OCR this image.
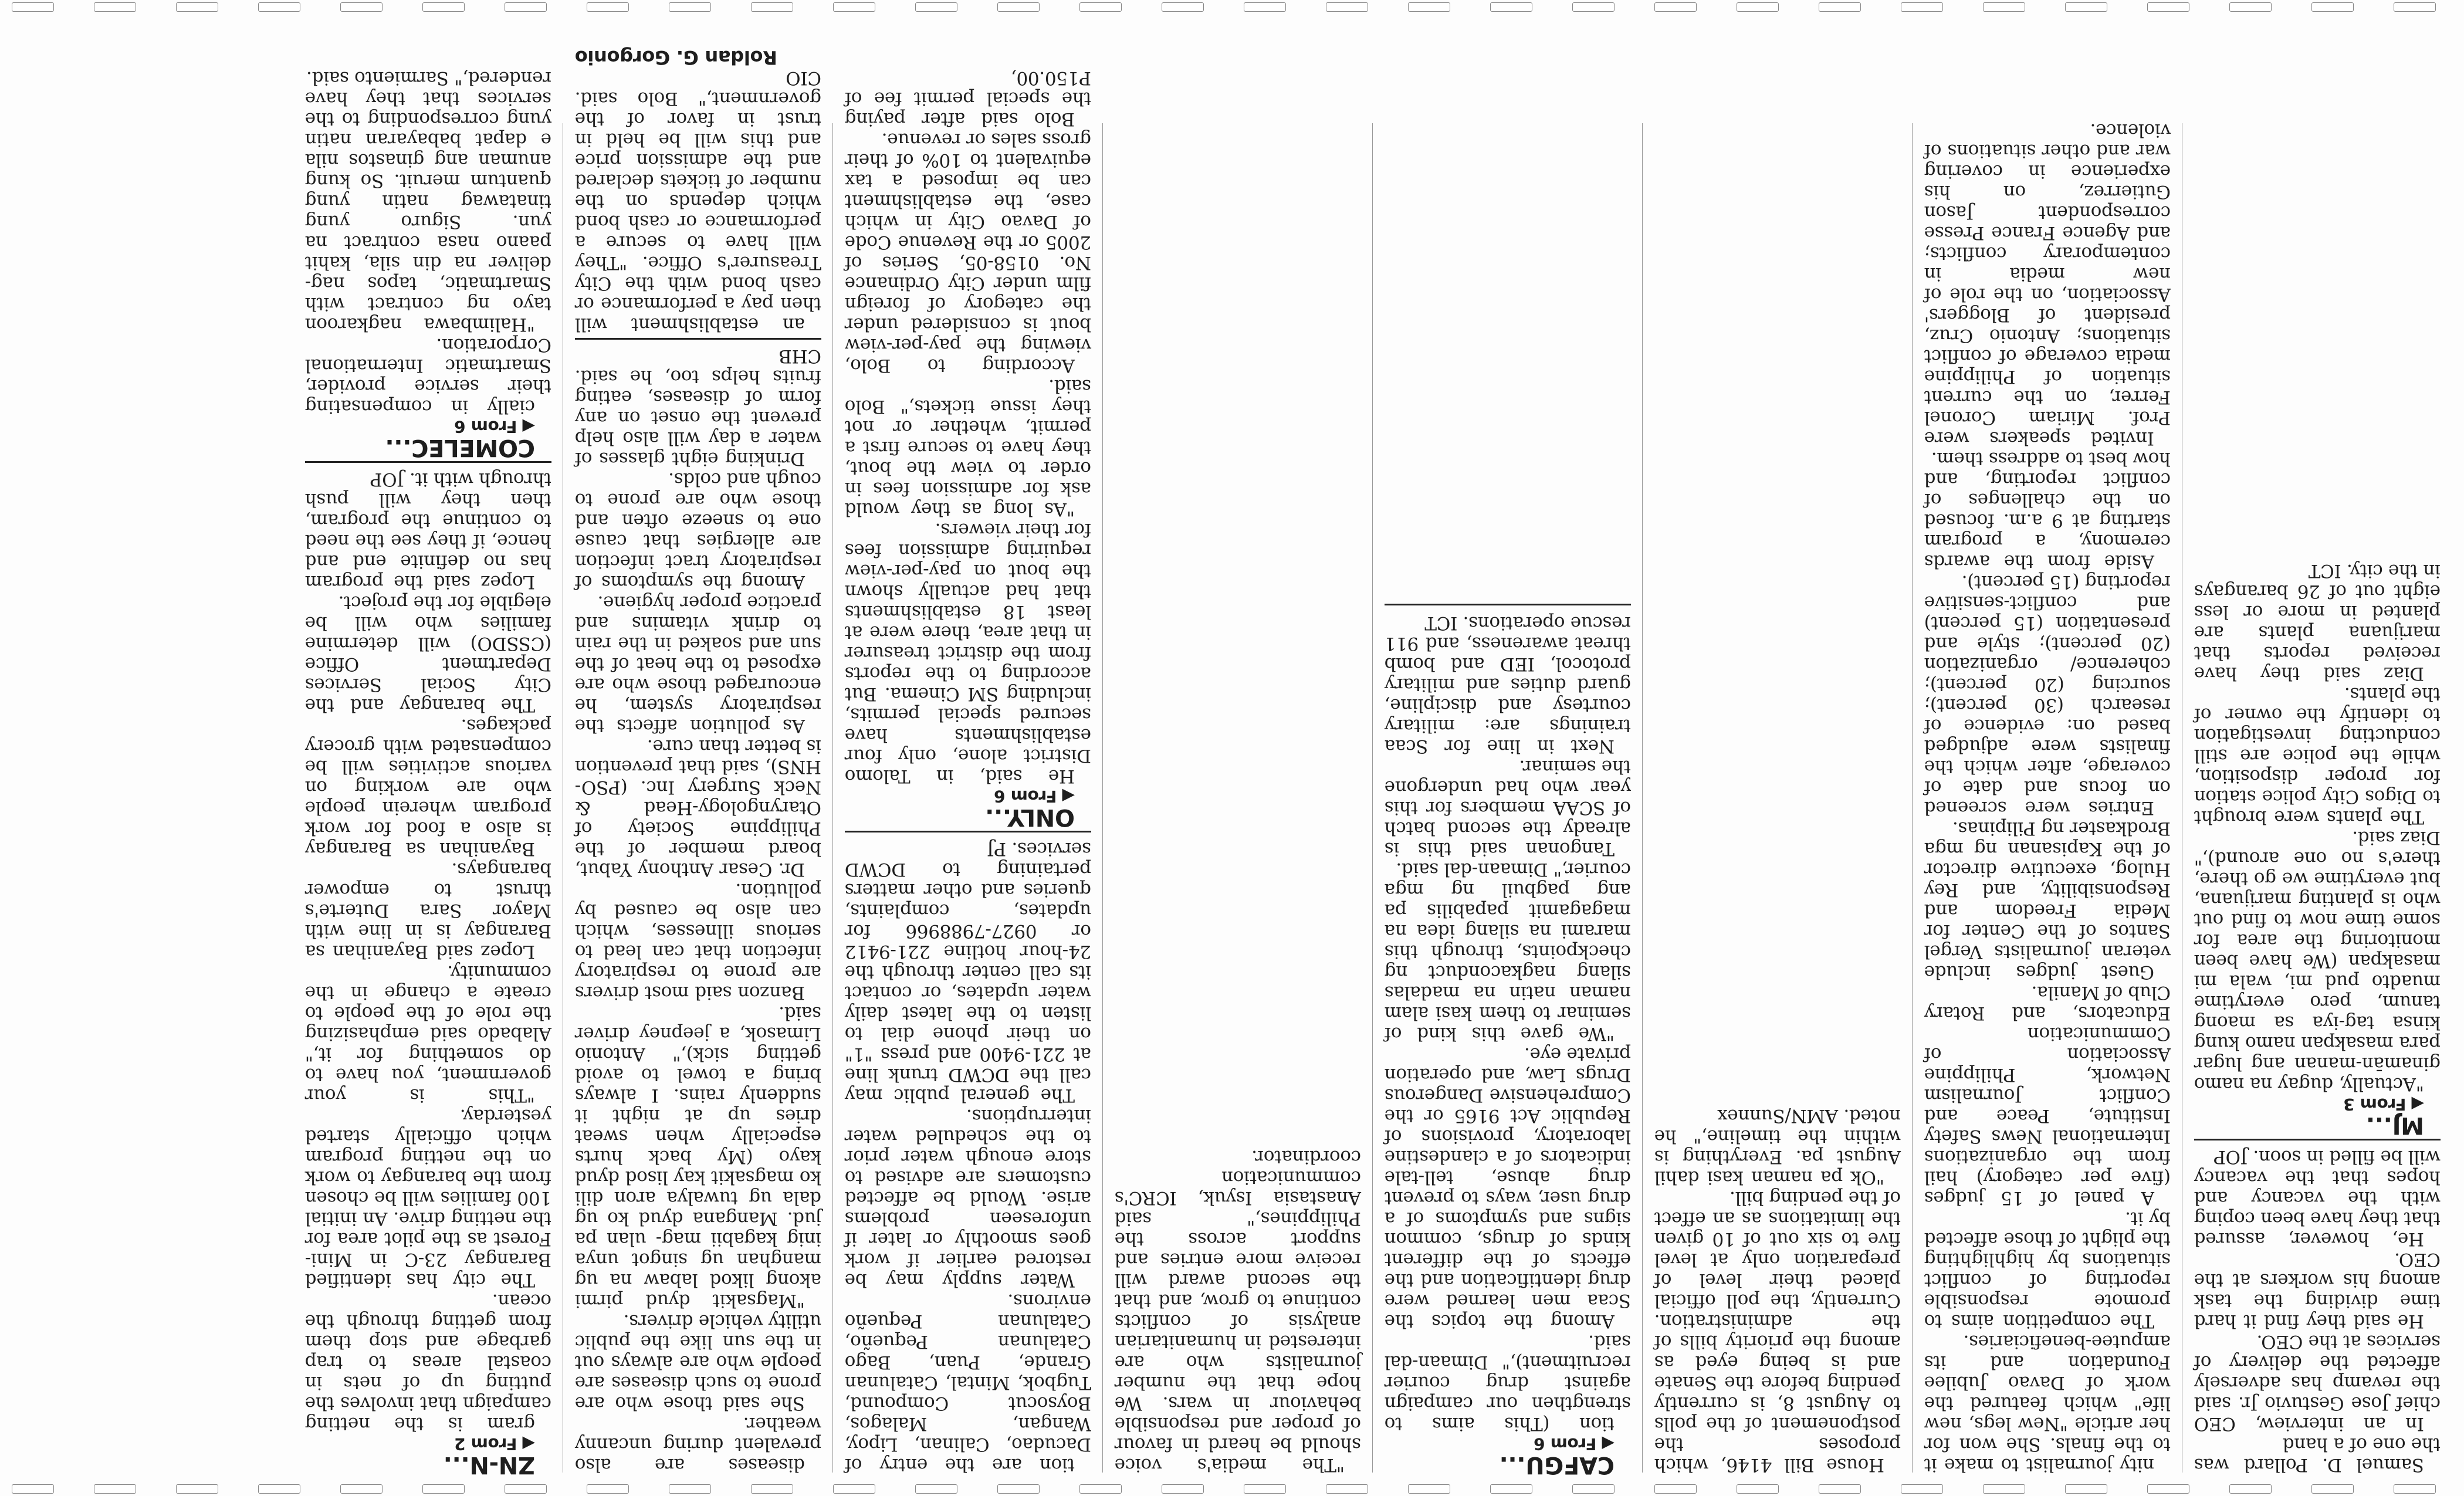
Samuel D. Pollard was the one of a hand

In an interview, CEO chief Jose Gestuvio Jr. said the revamp has adversely affected the delivery of services at the CEO.

He said they find it hard time dividing the task among his workers at the CEO.

He, however, assured that they have been coping with the vacancy and hopes that the vacancy will be filled in soon. JOP

MJ...

◀ From 3

"Actually, dugay na namo ginamān-manan ang lugar para masakpan namo kung kinsa tag-iya sa maong tanum, pero everytime muadto pud mi, wala mi masakpan (We have been monitoring the area for some time now to find out who is planting marijuana, but everytime we go there, there's no one around)," Diaz said.

The plants were brought to Digos City police station for proper disposition, while the police are still conducting investigation to identify the owner of the plants.

Diaz said they have received reports that marijuana plants are planted in more or less eight out of 26 barangays in the city. ICT

nity journalist to make it to the finals. She won for her article "New legs, new life" which featured the work of Davao Jubilee Foundation and its amputee-beneficiaries.

The competition aims to promote responsible reporting of conflict situations by highlighting the plight of those affected by it.

A panel of 15 judges (five per category) hail from the organizations International News Safety Institute, Peace and Conflict Journalism Network, Philippine Association of Communication Educators, and Rotary Club of Manila.

Guest judges include veteran journalists Vergel Santos of the Center for Media Freedom and Responsibility, and Rey Hulog, executive director of the Kapisanan ng mga Brodkaster ng Pilipinas.

Entries were screened on focus and date of coverage, after which the finalists were adjudged based on: evidence of research (30 percent); sourcing (20 percent); coherence/ organization (20 percent); style and presentation (15 percent) and conflict-sensitive reporting (15 percent).

Aside from the awards ceremony, a program starting at 9 a.m. focused on the challenges of conflict reporting, and how best to address them.

Invited speakers were Prof. Miriam Coronel Ferrer, on the current situation of Philippine media coverage of conflict situations; Antonio Cruz, president of Bloggers' Association, on the role of new media in contemporary conflicts; and Agence France Presse correspondent Jason Gutierrez, on his experience in covering war and other situations of violence.

House Bill 4146, which proposes the postponement of the polls to August 8, is currently pending before the Senate and is being eyed as among the priority bills of the administration. Currently, the poll official placed their level of preparation only at level five to six out of 10 given the limitations as an effect of the pending bill.

"Ok pa naman kasi dahil August pa. Everything is within the timeline," he noted. AMN/Sunnex

CAFGU...

◀ From 6

tion (This aims to strengthen our campaign against drug courier recruitment)," Dimaan-dal said.

Among the topics the Scaa men learned were drug identification and the effects of the different kinds of drugs, common signs and symptoms of a drug user, ways to prevent drug abuse, tell-tale indicators of a clandestine laboratory, provisions of Republic Act 9165 or the Comprehensive Dangerous Drugs Law, and operation private eye.

"We gave this kind of seminar to them kasi alam naman natin na madalas silang nagkaconduct ng checkpoints, through this marami na silang idea na magagamit papabilis pa ang pagbuil ng mga courier," Dimaan-dal said.

Tangonan said this is already the second batch of SCAA members for this year who had undergone the seminar.

Next in line for Scaa trainings are: military courtesy and discipline, guard duties and military protocol, IED and bomb threat awareness, and 911 rescue operations. ICT

"The media's voice should be heard in favour of proper and responsible behaviour in wars. We hope that the number journalists who are interested in humanitarian analysis of conflicts continue to grow, and that the second award will receive more entries and support across the Philippines," said Anastasia Isyuk, ICRC's communication coordinator.

tion are the entry of Dacudao, Calinan, Lipoy, Wangan, Malagos, Boysocut Compound, Tugbok, Mintal, Catalunan Grande, Puan, Bago Catalunan Pequeño, Catalunan Pequeño environs.

Water supply may be restored earlier if work goes smoothly or later if unforeseen problems arise. Would be affected customers are advised to store enough water prior to the scheduled water interruptions.

The general public may call the DCWD trunk line at 221-9400 and press "1" on their phone dial to listen to the latest daily water updates, or contact its call center through the 24-hour hotline 221-9412 or 0927-7988966 for updates, complaints, queries and other matters pertaining to DCWD services. PJ

ONLY...

◀ From 6

He said, in Talomo District alone, only four establishments have secured special permits, including SM Cinema. But according to the reports from the district treasurer in that area, there were at least 18 establishments that had actually shown the bout on pay-per-view requiring admission fees for their viewers.

"As long as they would ask for admission fees in order to view the bout, they have to secure first a permit, whether or not they issue tickets," Bolo said.

According to Bolo, viewing the pay-per-view bout is considered under the category of foreign film under City Ordinance No. 0158-05, Series of 2005 or the Revenue Code of Davao City in which case, the establishment can be imposed a tax equivalent to 10% of their gross sales or revenue.

Bolo said after paying the special permit fee of P150.00,

diseases are also prevalent during uncanny weather.

She said those who are prone to such diseases are people who are always out in the sun like the public utility vehicle drivers.

"Magsakit dyud pirmi akong likod labaw na ug manghan ug singot unya inig kagabii mag- ulan pa jud. Mangana dyud ko ug dala ug tuwalya aron dili ko magsakit kay lisod dyud kayo (My back hurts especially when sweat dries up at night it suddenly rains. I always bring a towel to avoid getting sick)," Antonio Limasok, a jeepney driver said.

Banzon said most drivers are prone to respiratory infection that can lead to serious illnesses, which can also be caused by pollution.

Dr. Cesar Anthony Yabut, board member of the Philippine Society of Otaryngology-Head & Neck Surgery Inc. (PSO-HNS), said that prevention is better than cure.

As pollution affects the respiratory system, he encouraged those who are exposed to the heat of the sun and soaked in the rain to drink vitamins and practice proper hygiene.

Among the symptoms of respiratory tract infection are allergies that cause one to sneeze often and those who are prone to cough and colds.

Drinking eight glasses of water a day will also help prevent the onset on any form of diseases, eating fruits helps too, he said. CHB

an establishment will then pay a performance or cash bond with the City Treasurer's Office. "They will have to secure a performance or cash bond which depends on the number of tickets declared and the admission price and this will be held in trust in favor of the government," Bolo said. CIO

Roldan G. Gorgonio

ZN-N...

◀ From 2

gram is the netting campaign that involves the putting up of nets in coastal areas to trap garbage and stop them from getting through the ocean.

The city has identified Barangay 23-C in Mini-Forest as the pilot area for the netting drive. An initial 100 families will be chosen from the barangay to work on the netting program which officially started yesterday.

"This is your government, you have to do something for it," Alabado said emphasizing the role of the people to create a change in the community.

Lopez said Bayanihan sa Barangay is in line with Mayor Sara Duterte's thrust to empower barangays.

Bayanihan sa Barangay is also a food for work program wherein people who are working on various activities will be compensated with grocery packages.

The barangay and the City Social Services Department Office (CSSDO) will determine families who will be elegible for the project.

Lopez said the program has no definite end and hence, if they see the need to continue the program, then they will push through with it. JOP

COMELEC...

◀ From 6

cially in compensating their service provider, Smartmatic International Corporation.

"Halimbawa nagkaroon tayo ng contract with Smartmatic, tapos nag-deliver na din sila, kahit paano nasa contract na yun. Siguro yung tinatawag natin yung quantum meruit. So kung anuman ang ginastos nila e dapat babayaran natin yung corresponding to the services that they have rendered," Sarmiento said.
